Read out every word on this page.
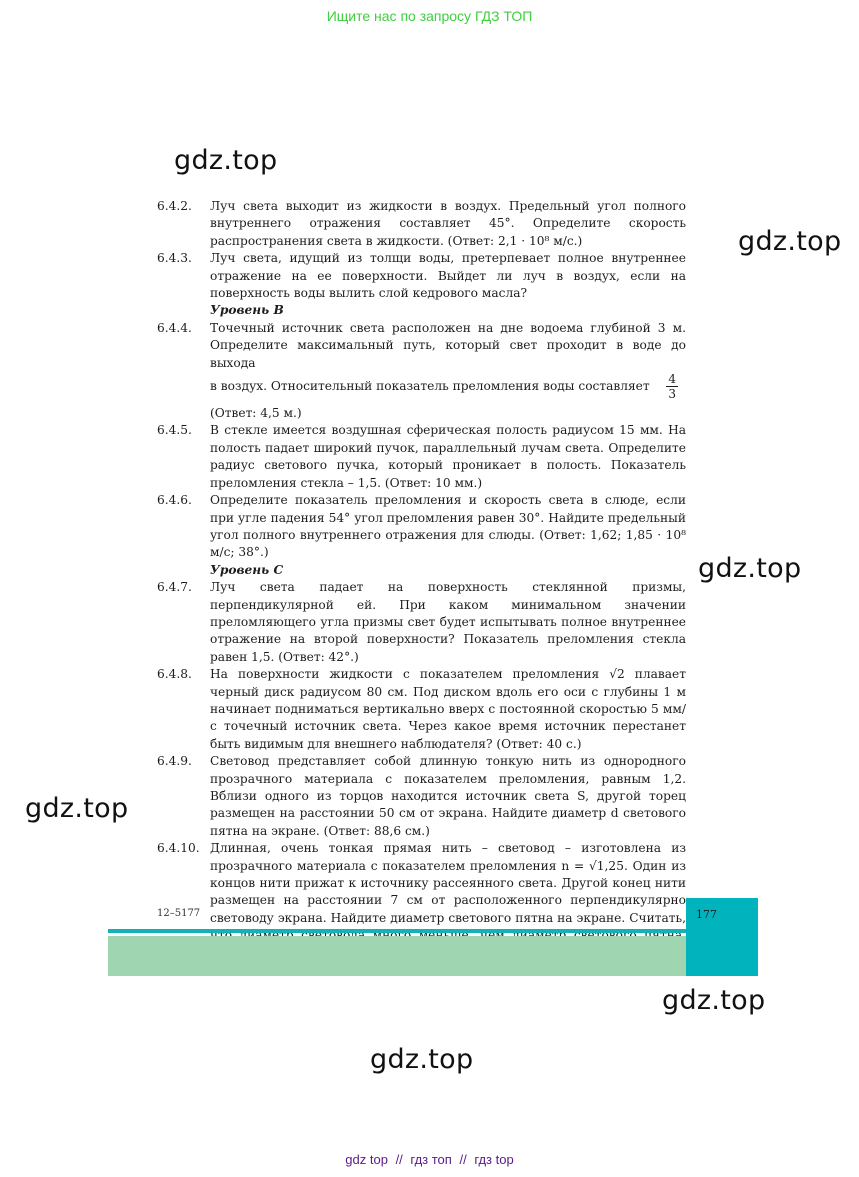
Ищите нас по запросу ГДЗ ТОП
gdz.top
gdz.top
gdz.top
gdz.top
gdz.top
gdz.top
6.4.2.	Луч света выходит из жидкости в воздух. Предельный угол полного внутреннего отражения составляет 45°. Определите скорость распространения света в жидкости. (Ответ: 2,1 · 10⁸ м/с.)
6.4.3.	Луч света, идущий из толщи воды, претерпевает полное внутреннее отражение на ее поверхности. Выйдет ли луч в воздух, если на поверхность воды вылить слой кедрового масла?
Уровень В
6.4.4.	Точечный источник света расположен на дне водоема глубиной 3 м. Определите максимальный путь, который свет проходит в воде до выхода
в воздух. Относительный показатель преломления воды составляет $\frac{4}{3}$
(Ответ: 4,5 м.)
6.4.5.	В стекле имеется воздушная сферическая полость радиусом 15 мм. На полость падает широкий пучок, параллельный лучам света. Определите радиус светового пучка, который проникает в полость. Показатель преломления стекла – 1,5. (Ответ: 10 мм.)
6.4.6.	Определите показатель преломления и скорость света в слюде, если при угле падения 54° угол преломления равен 30°. Найдите предельный угол полного внутреннего отражения для слюды. (Ответ: 1,62; 1,85 · 10⁸ м/с; 38°.)
Уровень С
6.4.7.	Луч света падает на поверхность стеклянной призмы, перпендикулярной ей. При каком минимальном значении преломляющего угла призмы свет будет испытывать полное внутреннее отражение на второй поверхности? Показатель преломления стекла равен 1,5. (Ответ: 42°.)
6.4.8.	На поверхности жидкости с показателем преломления √2 плавает черный диск радиусом 80 см. Под диском вдоль его оси с глубины 1 м начинает подниматься вертикально вверх с постоянной скоростью 5 мм/с точечный источник света. Через какое время источник перестанет быть видимым для внешнего наблюдателя? (Ответ: 40 с.)
6.4.9.	Световод представляет собой длинную тонкую нить из однородного прозрачного материала с показателем преломления, равным 1,2. Вблизи одного из торцов находится источник света S, другой торец размещен на расстоянии 50 см от экрана. Найдите диаметр d светового пятна на экране. (Ответ: 88,6 см.)
6.4.10. Длинная, очень тонкая прямая нить – световод – изготовлена из прозрачного материала с показателем преломления n = √1,25. Один из концов нити прижат к источнику рассеянного света. Другой конец нити размещен на расстоянии 7 см от расположенного перпендикулярно световоду экрана. Найдите диаметр светового пятна на экране. Считать,
12–5177	177
gdz top // гдз топ // гдз top
